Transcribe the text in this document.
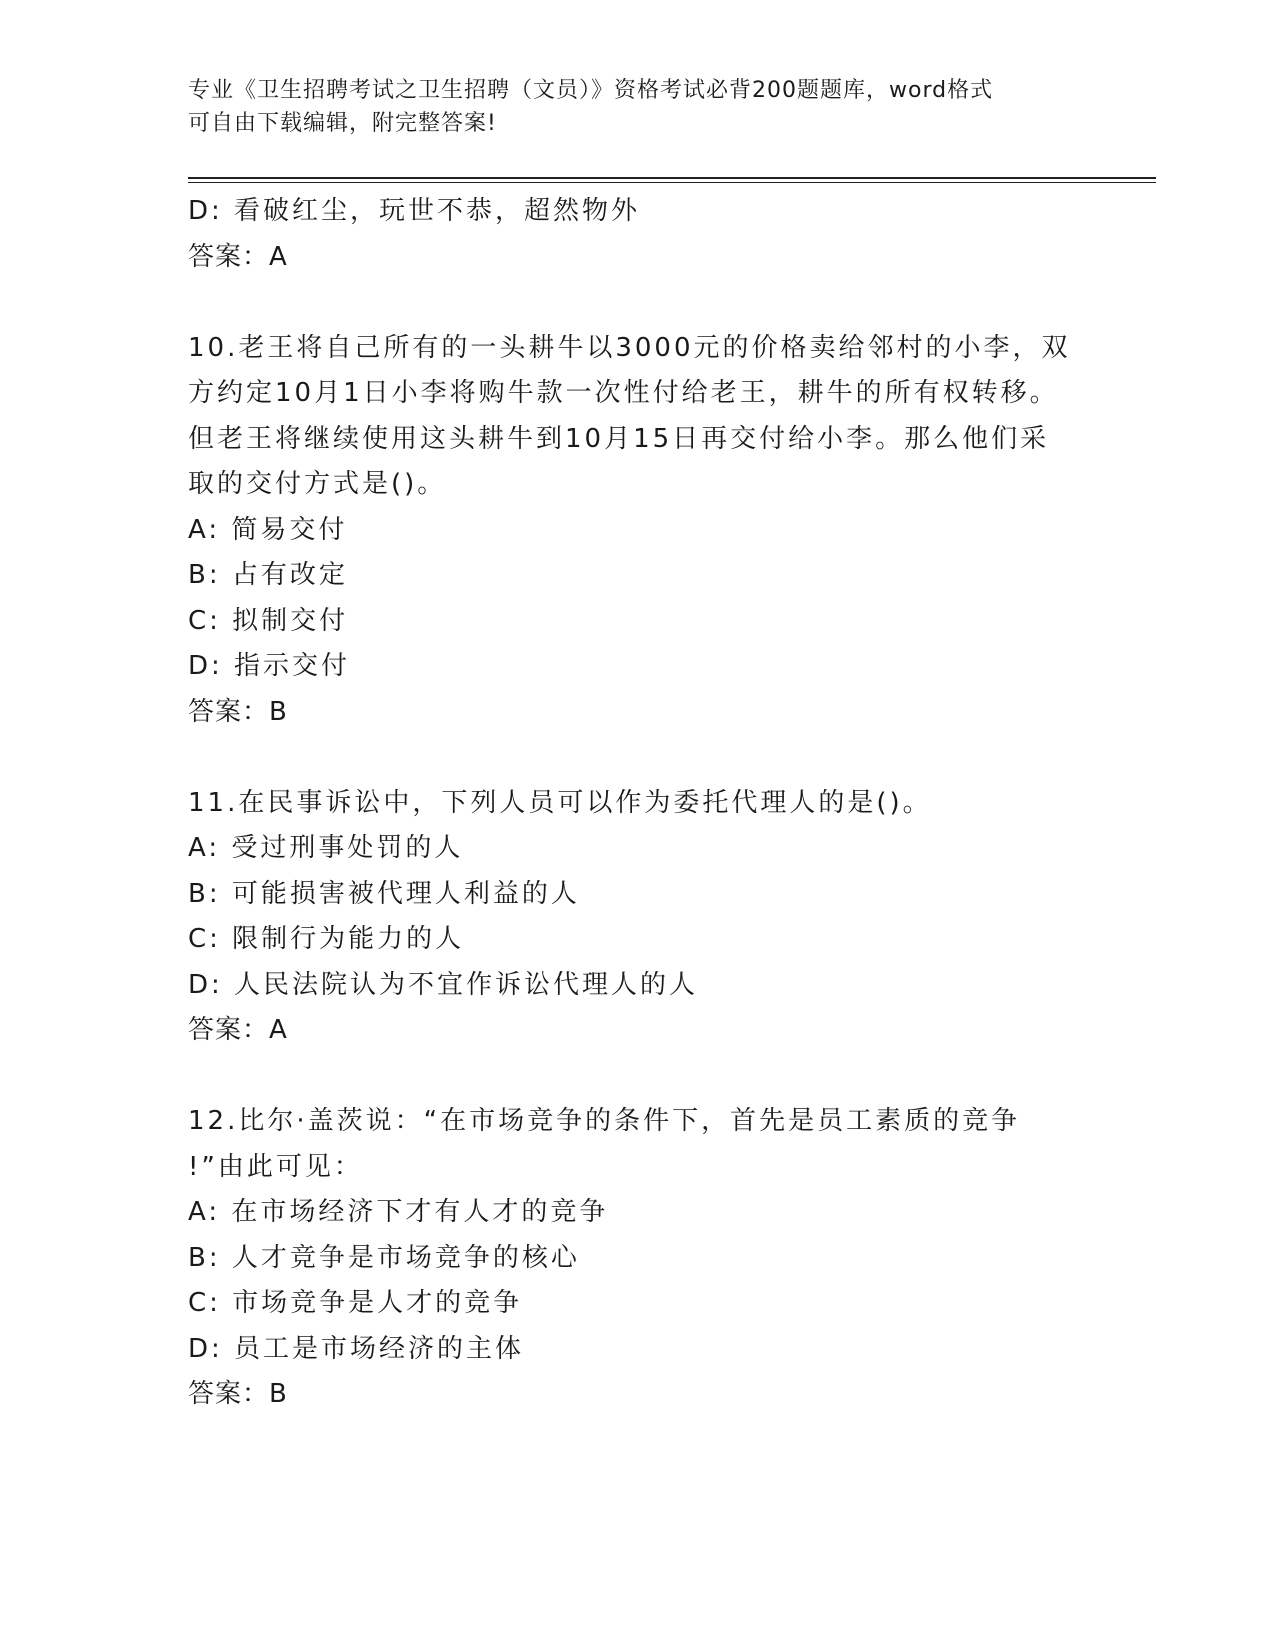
专业《卫生招聘考试之卫生招聘（文员）》资格考试必背200题题库，word格式
可自由下载编辑，附完整答案!
D: 看破红尘，玩世不恭，超然物外
答案：A
10.老王将自己所有的一头耕牛以3000元的价格卖给邻村的小李，双
方约定10月1日小李将购牛款一次性付给老王，耕牛的所有权转移。
但老王将继续使用这头耕牛到10月15日再交付给小李。那么他们采
取的交付方式是()。
A: 简易交付
B: 占有改定
C: 拟制交付
D: 指示交付
答案：B
11.在民事诉讼中，下列人员可以作为委托代理人的是()。
A: 受过刑事处罚的人
B: 可能损害被代理人利益的人
C: 限制行为能力的人
D: 人民法院认为不宜作诉讼代理人的人
答案：A
12.比尔·盖茨说：“在市场竞争的条件下，首先是员工素质的竞争
!”由此可见：
A: 在市场经济下才有人才的竞争
B: 人才竞争是市场竞争的核心
C: 市场竞争是人才的竞争
D: 员工是市场经济的主体
答案：B
